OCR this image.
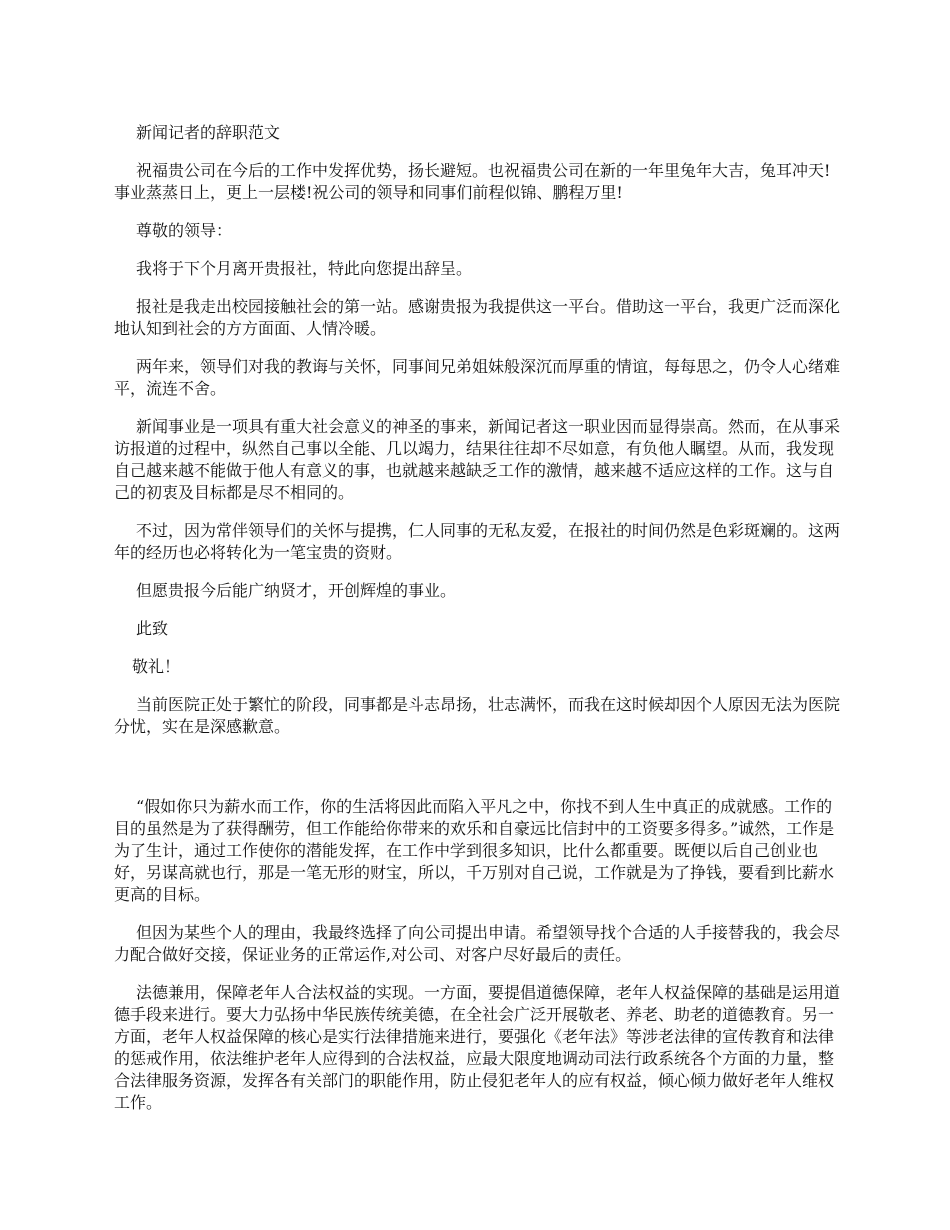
新闻记者的辞职范文

祝福贵公司在今后的工作中发挥优势，扬长避短。也祝福贵公司在新的一年里兔年大吉，兔耳冲天!事业蒸蒸日上，更上一层楼!祝公司的领导和同事们前程似锦、鹏程万里!

尊敬的领导：

我将于下个月离开贵报社，特此向您提出辞呈。

报社是我走出校园接触社会的第一站。感谢贵报为我提供这一平台。借助这一平台，我更广泛而深化地认知到社会的方方面面、人情冷暖。

两年来，领导们对我的教诲与关怀，同事间兄弟姐妹般深沉而厚重的情谊，每每思之，仍令人心绪难平，流连不舍。

新闻事业是一项具有重大社会意义的神圣的事来，新闻记者这一职业因而显得崇高。然而，在从事采访报道的过程中，纵然自己事以全能、几以竭力，结果往往却不尽如意，有负他人瞩望。从而，我发现自己越来越不能做于他人有意义的事，也就越来越缺乏工作的激情，越来越不适应这样的工作。这与自己的初衷及目标都是尽不相同的。

不过，因为常伴领导们的关怀与提携，仁人同事的无私友爱，在报社的时间仍然是色彩斑斓的。这两年的经历也必将转化为一笔宝贵的资财。

但愿贵报今后能广纳贤才，开创辉煌的事业。

此致

敬礼！

当前医院正处于繁忙的阶段，同事都是斗志昂扬，壮志满怀，而我在这时候却因个人原因无法为医院分忧，实在是深感歉意。

“假如你只为薪水而工作，你的生活将因此而陷入平凡之中，你找不到人生中真正的成就感。工作的目的虽然是为了获得酬劳，但工作能给你带来的欢乐和自豪远比信封中的工资要多得多。”诚然，工作是为了生计，通过工作使你的潜能发挥，在工作中学到很多知识，比什么都重要。既便以后自己创业也好，另谋高就也行，那是一笔无形的财宝，所以，千万别对自己说，工作就是为了挣钱，要看到比薪水更高的目标。

但因为某些个人的理由，我最终选择了向公司提出申请。希望领导找个合适的人手接替我的，我会尽力配合做好交接，保证业务的正常运作,对公司、对客户尽好最后的责任。

法德兼用，保障老年人合法权益的实现。一方面，要提倡道德保障，老年人权益保障的基础是运用道德手段来进行。要大力弘扬中华民族传统美德，在全社会广泛开展敬老、养老、助老的道德教育。另一方面，老年人权益保障的核心是实行法律措施来进行，要强化《老年法》等涉老法律的宣传教育和法律的惩戒作用，依法维护老年人应得到的合法权益，应最大限度地调动司法行政系统各个方面的力量，整合法律服务资源，发挥各有关部门的职能作用，防止侵犯老年人的应有权益，倾心倾力做好老年人维权工作。
